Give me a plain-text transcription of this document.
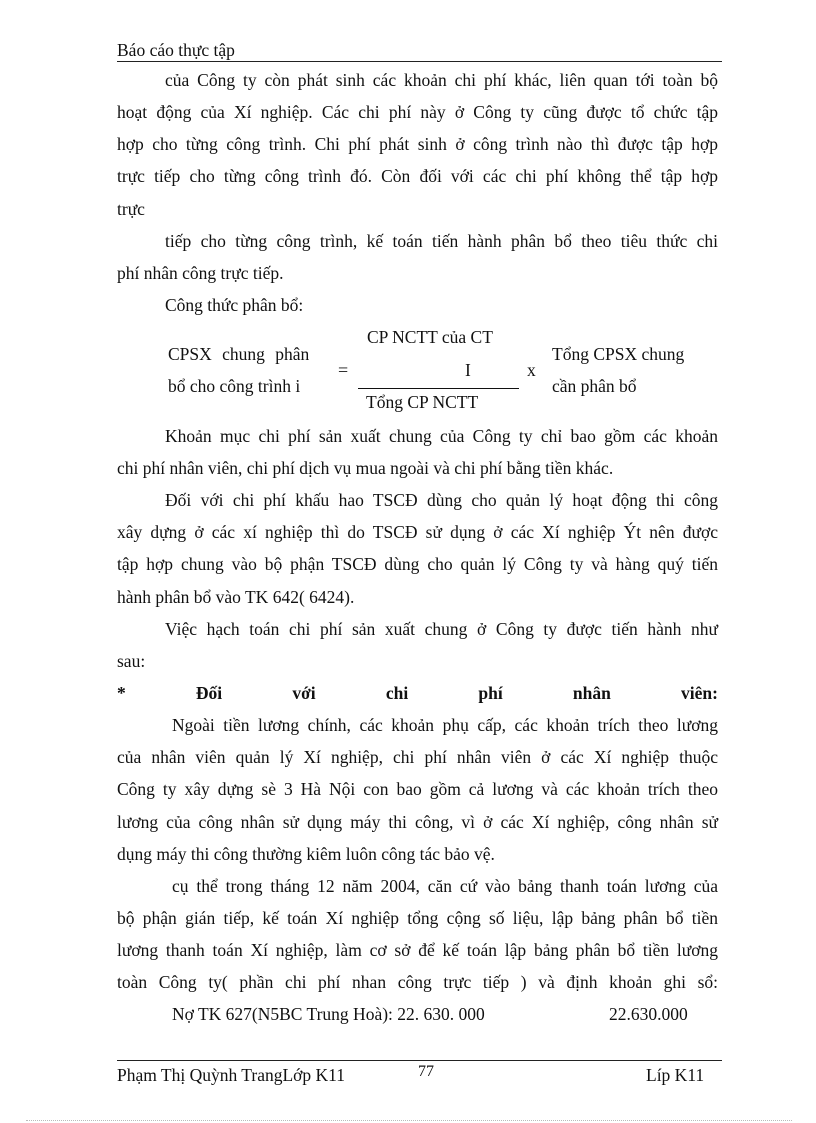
Báo cáo thực tập
của Công ty còn phát sinh các khoản chi phí khác, liên quan tới toàn bộ
hoạt động của Xí nghiệp. Các chi phí này ở Công ty cũng được tổ chức tập
hợp cho từng công trình. Chi phí phát sinh ở công trình nào thì được tập hợp
trực tiếp cho từng công trình đó. Còn đối với các chi phí không thể tập hợp
trực
tiếp cho từng công trình, kế toán tiến hành phân bổ theo tiêu thức chi
phí nhân công trực tiếp.
Công thức phân bổ:
CPSX chung phân
bổ cho công trình i
=
CP NCTT của CT
I
Tổng CP NCTT
x
Tổng CPSX chung
cần phân bổ
Khoản mục chi phí sản xuất chung của Công ty chỉ bao gồm các khoản
chi phí nhân viên, chi phí dịch vụ mua ngoài và chi phí bằng tiền khác.
Đối với chi phí khấu hao TSCĐ dùng cho quản lý hoạt động thi công
xây dựng ở các xí nghiệp thì do TSCĐ sử dụng ở các Xí nghiệp Ýt nên được
tập hợp chung vào bộ phận TSCĐ dùng cho quản lý Công ty và hàng quý tiến
hành phân bổ vào TK 642( 6424).
Việc hạch toán chi phí sản xuất chung ở Công ty được tiến hành như
sau:
*	Đối	với	chi	phí	nhân	viên:
Ngoài tiền lương chính, các khoản phụ cấp, các khoản trích theo lương
của nhân viên quản lý Xí nghiệp, chi phí nhân viên ở các Xí nghiệp thuộc
Công ty xây dựng sè 3 Hà Nội con bao gồm cả lương và các khoản trích theo
lương của công nhân sử dụng máy thi công, vì ở các Xí nghiệp, công nhân sử
dụng máy thi công thường kiêm luôn công tác bảo vệ.
cụ thể trong tháng 12 năm 2004, căn cứ vào bảng thanh toán lương của
bộ phận gián tiếp, kế toán Xí nghiệp tổng cộng số liệu, lập bảng phân bổ tiền
lương thanh toán Xí nghiệp, làm cơ sở để kế toán lập bảng phân bổ tiền lương
toàn Công ty( phần chi phí nhan công trực tiếp ) và định khoản ghi sổ:
Nợ TK 627(N5BC Trung Hoà): 22. 630. 000	22.630.000
Phạm Thị Quỳnh TrangLớp K11	77	Líp K11
